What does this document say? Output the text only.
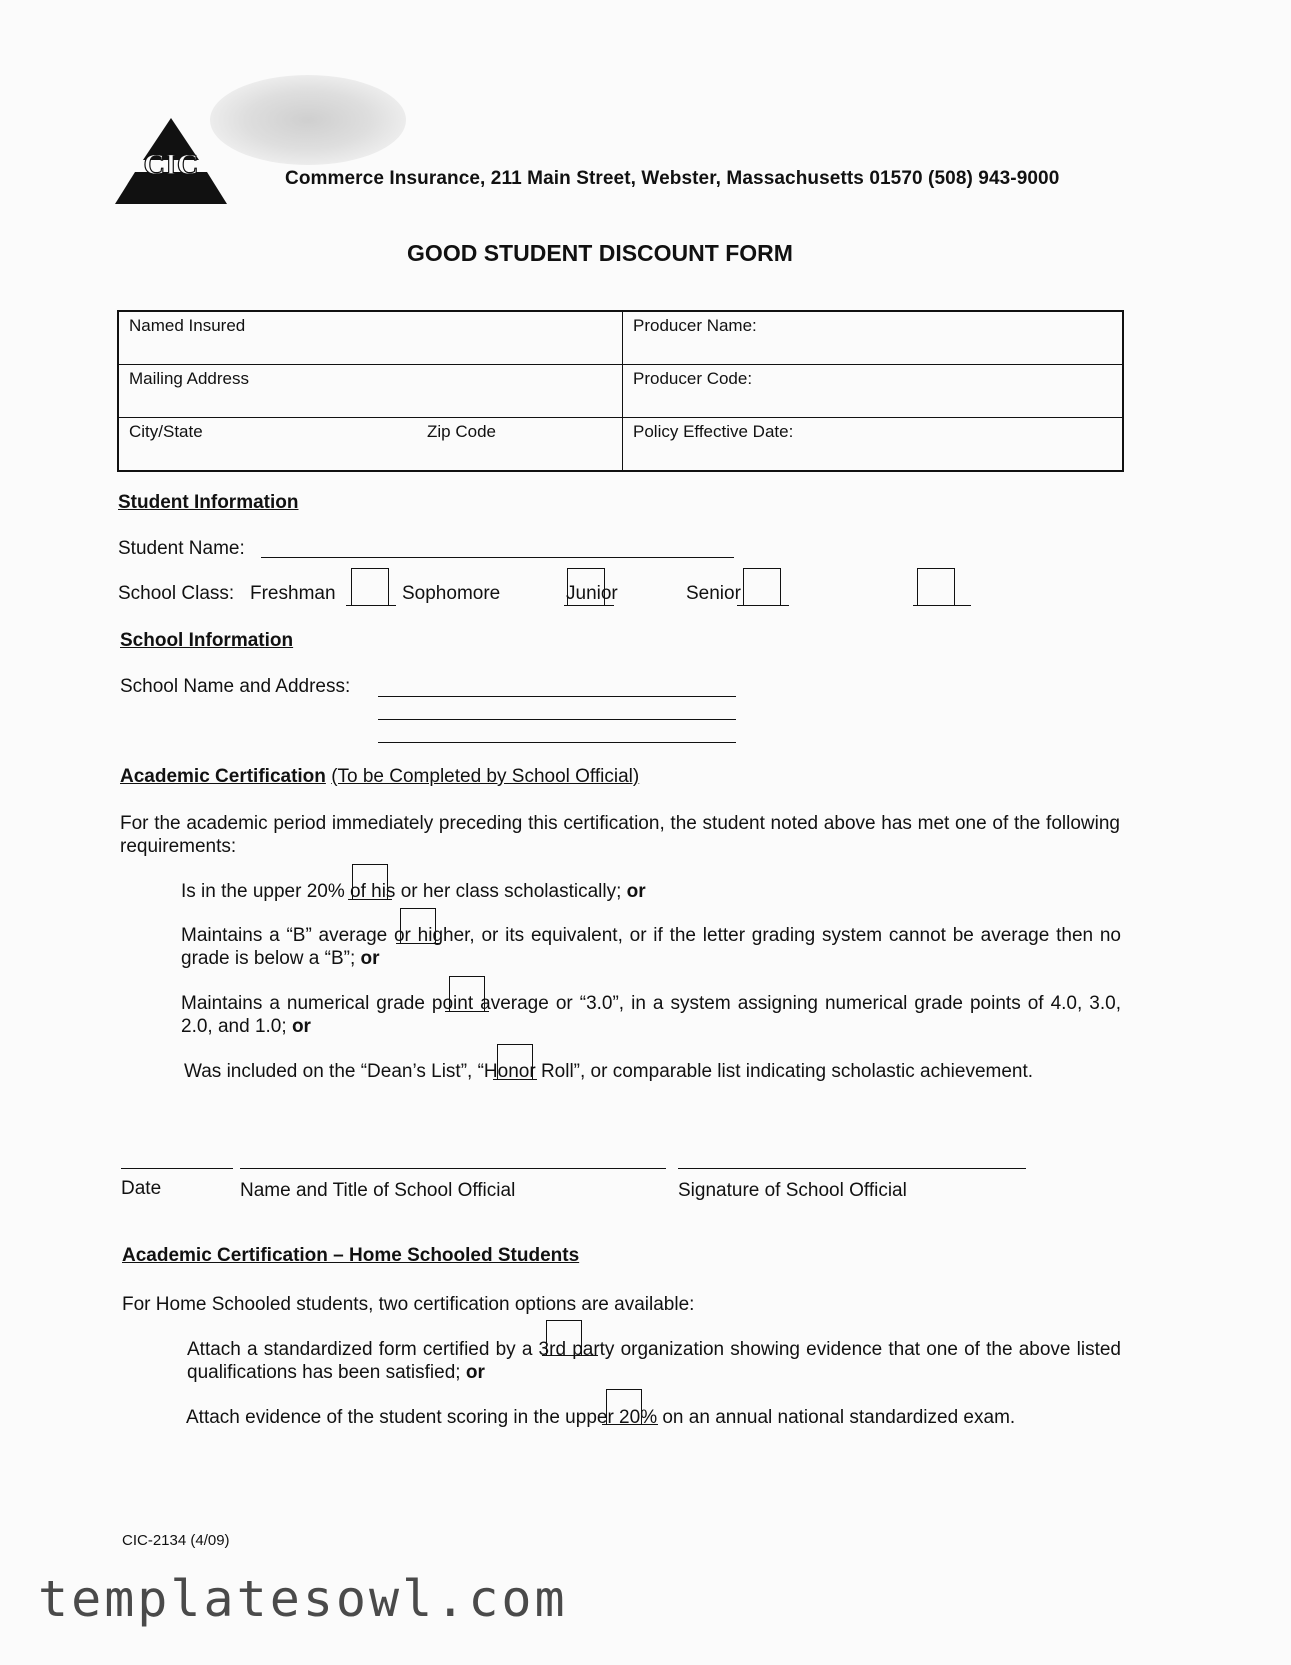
CIC	Commerce Insurance, 211 Main Street, Webster, Massachusetts 01570 (508) 943-9000
GOOD STUDENT DISCOUNT FORM
Named Insured	Producer Name:
Mailing Address	Producer Code:

City/State Zip Code	Policy Effective Date:
Student Information
Student Name:
School Class: Freshman
	Sophomore
	Junior
	Senior

School Information
School Name and Address:
Academic Certification (To be Completed by School Official)
For the academic period immediately preceding this certification, the student noted above has met one of the following requirements:

Is in the upper 20% of his or her class scholastically; or

Maintains a “B” average or higher, or its equivalent, or if the letter grading system cannot be average then no grade is below a “B”; or

Maintains a numerical grade point average or “3.0”, in a system assigning numerical grade points of 4.0, 3.0, 2.0, and 1.0; or

Was included on the “Dean’s List”, “Honor Roll”, or comparable list indicating scholastic achievement.
Date	Name and Title of School Official	Signature of School Official
Academic Certification – Home Schooled Students
For Home Schooled students, two certification options are available:

Attach a standardized form certified by a 3rd party organization showing evidence that one of the above listed qualifications has been satisfied; or
Attach evidence of the student scoring in the upper 20% on an annual national standardized exam.
CIC-2134 (4/09)
templatesowl.com
